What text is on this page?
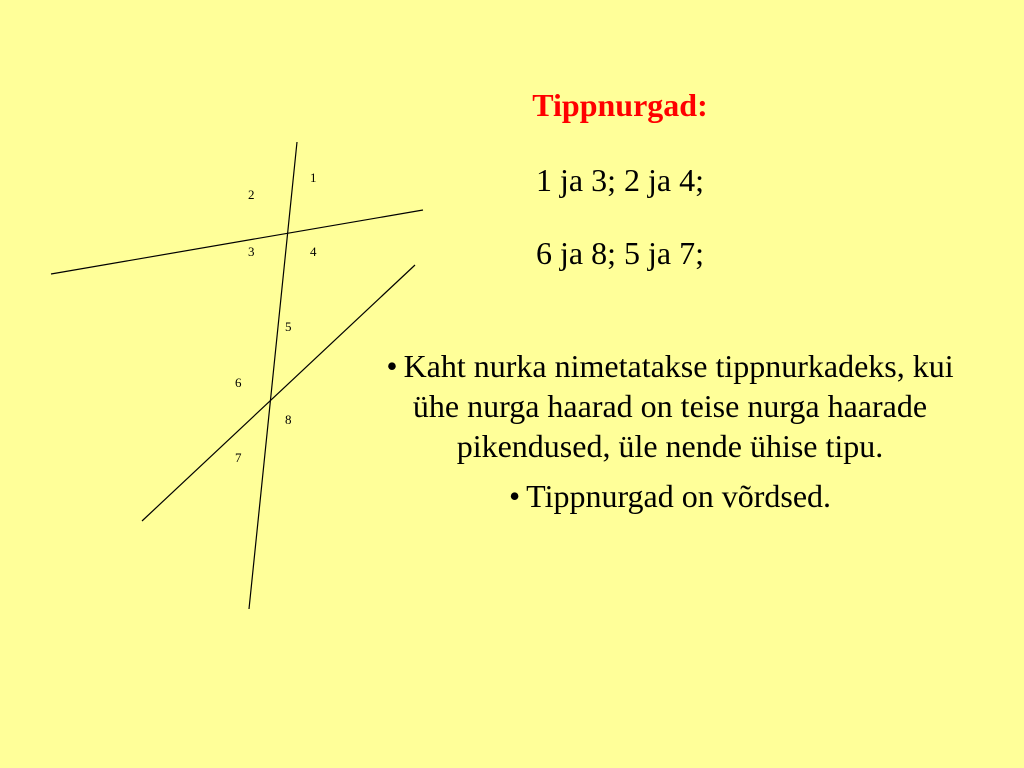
1
2
3	4
5
6
7
8
Tippnurgad:
1 ja 3; 2 ja 4;
6 ja 8; 5 ja 7;

• Kaht nurka nimetatakse tippnurkadeks, kui ühe nurga haarad on teise nurga haarade pikendused, üle nende ühise tipu.

• Tippnurgad on võrdsed.
